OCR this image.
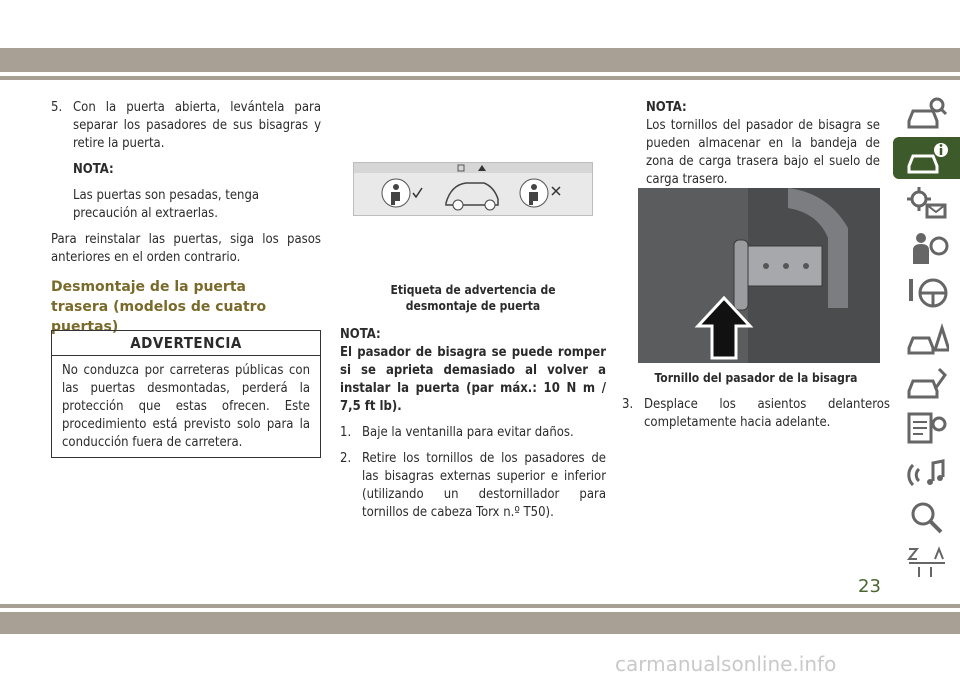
5. Con la puerta abierta, levántela para separar los pasadores de sus bisagras y retire la puerta.

NOTA:

Las puertas son pesadas, tenga precaución al extraerlas.

Para reinstalar las puertas, siga los pasos anteriores en el orden contrario.

Desmontaje de la puerta trasera (modelos de cuatro puertas)

ADVERTENCIA
No conduzca por carreteras públicas con las puertas desmontadas, perderá la protección que estas ofrecen. Este procedimiento está previsto solo para la conducción fuera de carretera.

Etiqueta de advertencia de desmontaje de puerta

NOTA:

El pasador de bisagra se puede romper si se aprieta demasiado al volver a instalar la puerta (par máx.: 10 N m / 7,5 ft lb).

1. Baje la ventanilla para evitar daños.

2. Retire los tornillos de los pasadores de las bisagras externas superior e inferior (utilizando un destornillador para tornillos de cabeza Torx n.º T50).

NOTA:

Los tornillos del pasador de bisagra se pueden almacenar en la bandeja de zona de carga trasera bajo el suelo de carga trasero.

Tornillo del pasador de la bisagra

3. Desplace los asientos delanteros completamente hacia adelante.

23
carmanualsonline.info
